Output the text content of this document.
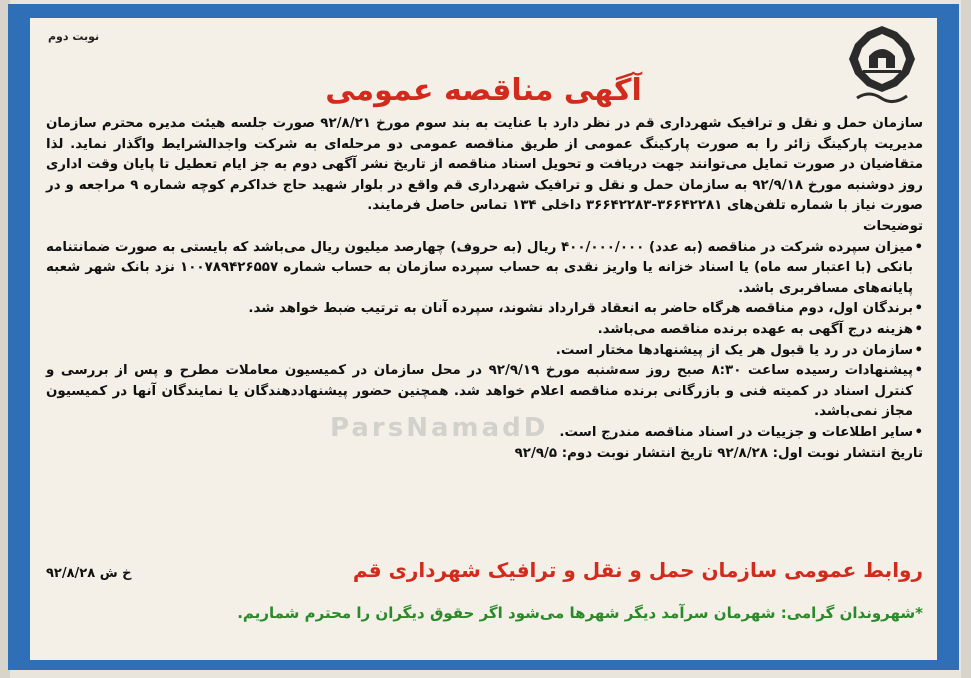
نوبت دوم
آگهی مناقصه عمومی

سازمان حمل و نقل و ترافیک شهرداری قم در نظر دارد با عنایت به بند سوم مورخ ۹۲/۸/۲۱ صورت جلسه هیئت مدیره محترم سازمان مدیریت پارکینگ زائر را به صورت پارکینگ عمومی از طریق مناقصه عمومی دو مرحله‌ای به شرکت واجدالشرایط واگذار نماید. لذا متقاضیان در صورت تمایل می‌توانند جهت دریافت و تحویل اسناد مناقصه از تاریخ نشر آگهی دوم به جز ایام تعطیل تا پایان وقت اداری روز دوشنبه مورخ ۹۲/۹/۱۸ به سازمان حمل و نقل و ترافیک شهرداری قم واقع در بلوار شهید حاج خداکرم کوچه شماره ۹ مراجعه و در صورت نیاز با شماره تلفن‌های ۳۶۶۴۲۲۸۱-۳۶۶۴۲۲۸۳ داخلی ۱۳۴ تماس حاصل فرمایند.

توضیحات

• میزان سپرده شرکت در مناقصه (به عدد) ۴۰۰/۰۰۰/۰۰۰ ریال (به حروف) چهارصد میلیون ریال می‌باشد که بایستی به صورت ضمانتنامه بانکی (با اعتبار سه ماه) یا اسناد خزانه یا واریز نقدی به حساب سپرده سازمان به حساب شماره ۱۰۰۷۸۹۴۲۶۵۵۷ نزد بانک شهر شعبه پایانه‌های مسافربری باشد.

• برندگان اول، دوم مناقصه هرگاه حاضر به انعقاد قرارداد نشوند، سپرده آنان به ترتیب ضبط خواهد شد.

• هزینه درج آگهی به عهده برنده مناقصه می‌باشد.

• سازمان در رد یا قبول هر یک از پیشنهادها مختار است.

• پیشنهادات رسیده ساعت ۸:۳۰ صبح روز سه‌شنبه مورخ ۹۲/۹/۱۹ در محل سازمان در کمیسیون معاملات مطرح و پس از بررسی و کنترل اسناد در کمیته فنی و بازرگانی برنده مناقصه اعلام خواهد شد. همچنین حضور پیشنهاددهندگان یا نمایندگان آنها در کمیسیون مجاز نمی‌باشد.

• سایر اطلاعات و جزییات در اسناد مناقصه مندرج است.

تاریخ انتشار نوبت اول: ۹۲/۸/۲۸ تاریخ انتشار نوبت دوم: ۹۲/۹/۵

روابط عمومی سازمان حمل و نقل و ترافیک شهرداری قم
خ ش ۹۲/۸/۲۸
*شهروندان گرامی: شهرمان سرآمد دیگر شهرها می‌شود اگر حقوق دیگران را محترم شماریم.
ParsNamadD
